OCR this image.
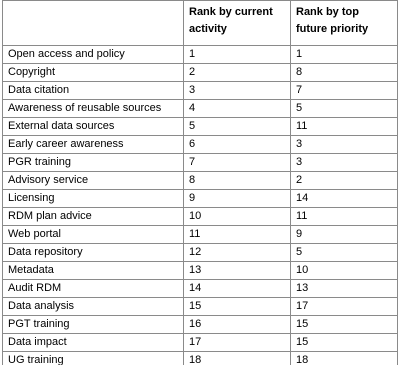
	Rank by current activity	Rank by top future priority
Open access and policy	1	1
Copyright	2	8
Data citation	3	7
Awareness of reusable sources	4	5
External data sources	5	11
Early career awareness	6	3
PGR training	7	3
Advisory service	8	2
Licensing	9	14
RDM plan advice	10	11
Web portal	11	9
Data repository	12	5
Metadata	13	10
Audit RDM	14	13
Data analysis	15	17
PGT training	16	15
Data impact	17	15
UG training	18	18
